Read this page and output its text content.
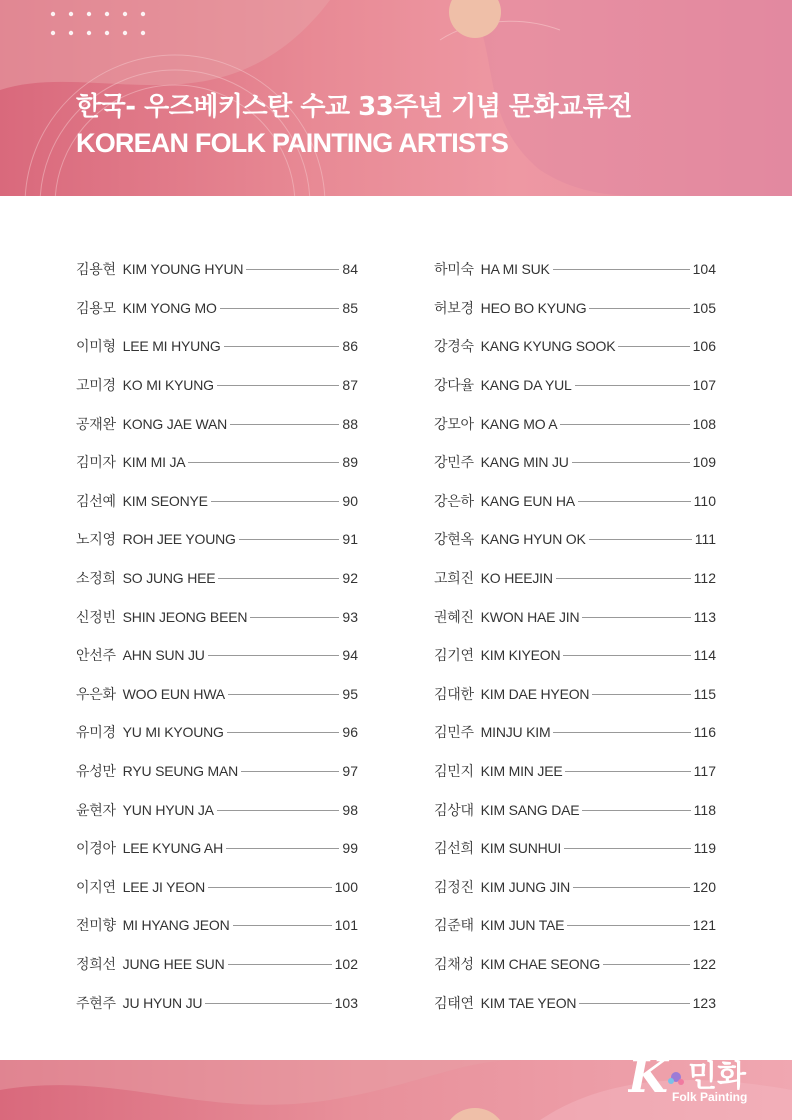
한국- 우즈베키스탄 수교 33주년 기념 문화교류전
KOREAN FOLK PAINTING ARTISTS
김용현 KIM YOUNG HYUN	84
김용모 KIM YONG MO	85
이미형 LEE MI HYUNG	86
고미경 KO MI KYUNG	87
공재완 KONG JAE WAN	88
김미자 KIM MI JA	89
김선예 KIM SEONYE	90
노지영 ROH JEE YOUNG	91
소정희 SO JUNG HEE	92
신정빈 SHIN JEONG BEEN	93
안선주 AHN SUN JU	94
우은화 WOO EUN HWA	95
유미경 YU MI KYOUNG	96
유성만 RYU SEUNG MAN	97
윤현자 YUN HYUN JA	98
이경아 LEE KYUNG AH	99
이지연 LEE JI YEON	100
전미향 MI HYANG JEON	101
정희선 JUNG HEE SUN	102
주현주 JU HYUN JU	103
하미숙 HA MI SUK	104
허보경 HEO BO KYUNG	105
강경숙 KANG KYUNG SOOK	106
강다율 KANG DA YUL	107
강모아 KANG MO A	108
강민주 KANG MIN JU	109
강은하 KANG EUN HA	110
강현옥 KANG HYUN OK	111
고희진 KO HEEJIN	112
권혜진 KWON HAE JIN	113
김기연 KIM KIYEON	114
김대한 KIM DAE HYEON	115
김민주 MINJU KIM	116
김민지 KIM MIN JEE	117
김상대 KIM SANG DAE	118
김선희 KIM SUNHUI	119
김정진 KIM JUNG JIN	120
김준태 KIM JUN TAE	121
김채성 KIM CHAE SEONG	122
김태연 KIM TAE YEON	123
K 민화
Folk Painting
